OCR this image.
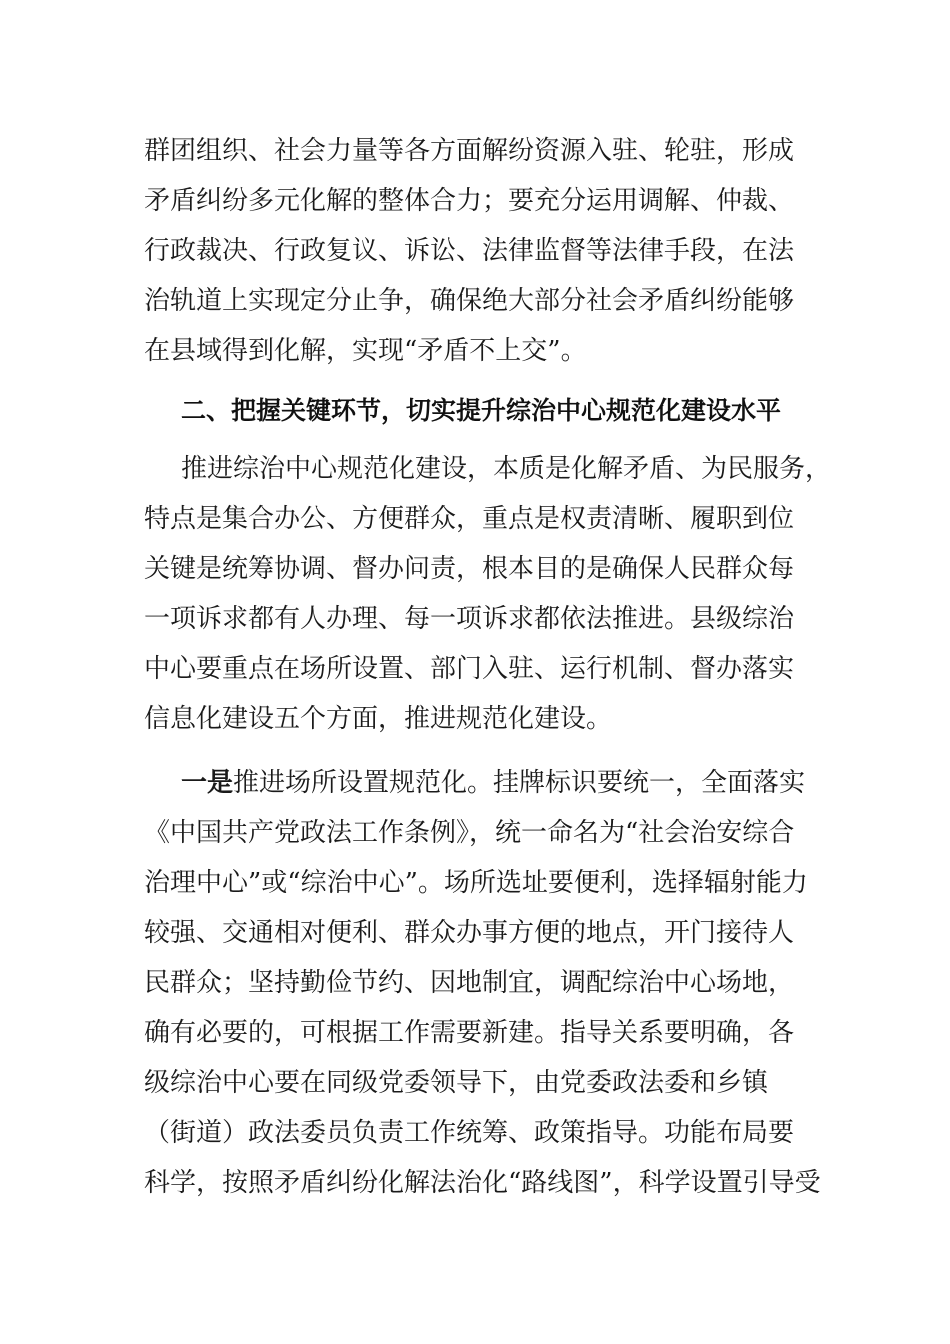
群团组织、社会力量等各方面解纷资源入驻、轮驻，形成
矛盾纠纷多元化解的整体合力；要充分运用调解、仲裁、
行政裁决、行政复议、诉讼、法律监督等法律手段，在法
治轨道上实现定分止争，确保绝大部分社会矛盾纠纷能够
在县域得到化解，实现“矛盾不上交”。
二、把握关键环节，切实提升综治中心规范化建设水平
推进综治中心规范化建设，本质是化解矛盾、为民服务，
特点是集合办公、方便群众，重点是权责清晰、履职到位
关键是统筹协调、督办问责，根本目的是确保人民群众每
一项诉求都有人办理、每一项诉求都依法推进。县级综治
中心要重点在场所设置、部门入驻、运行机制、督办落实
信息化建设五个方面，推进规范化建设。
一是推进场所设置规范化。挂牌标识要统一，全面落实
《中国共产党政法工作条例》，统一命名为“社会治安综合
治理中心”或“综治中心”。场所选址要便利，选择辐射能力
较强、交通相对便利、群众办事方便的地点，开门接待人
民群众；坚持勤俭节约、因地制宜，调配综治中心场地，
确有必要的，可根据工作需要新建。指导关系要明确，各
级综治中心要在同级党委领导下，由党委政法委和乡镇
（街道）政法委员负责工作统筹、政策指导。功能布局要
科学，按照矛盾纠纷化解法治化“路线图”，科学设置引导受
